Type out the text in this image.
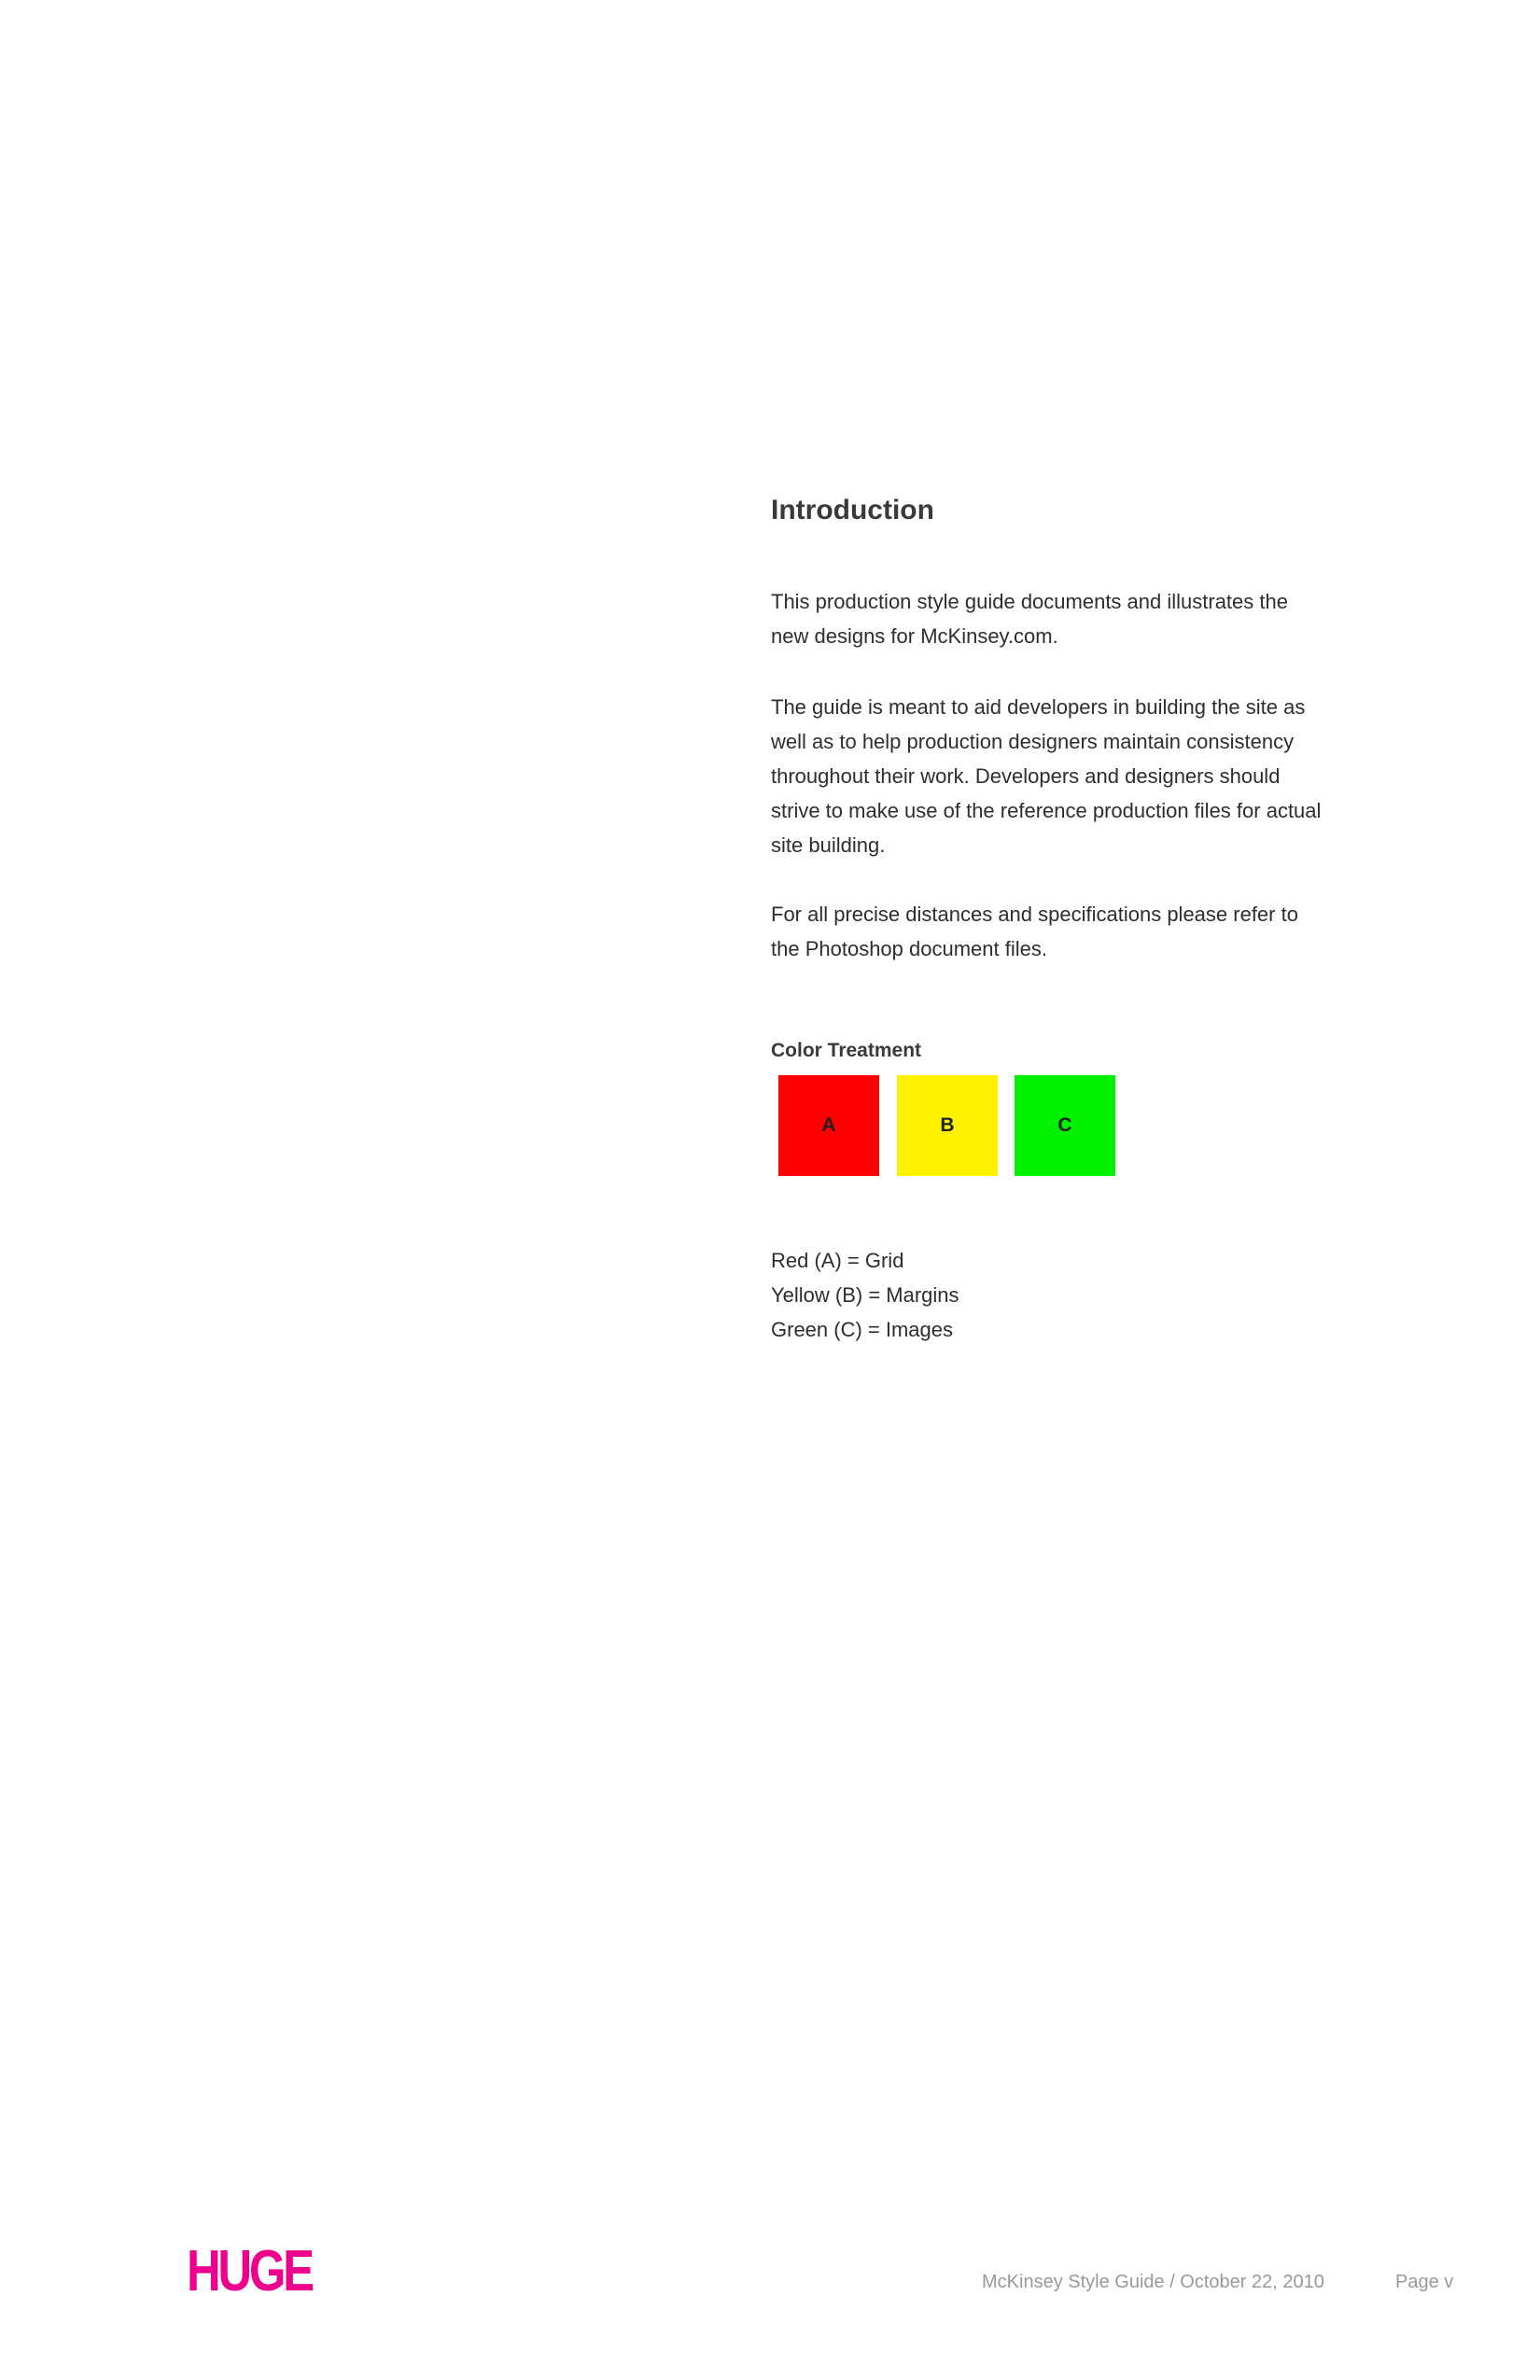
Introduction

This production style guide documents and illustrates the new designs for McKinsey.com.

The guide is meant to aid developers in building the site as well as to help production designers maintain consistency throughout their work. Developers and designers should strive to make use of the reference production files for actual site building.

For all precise distances and specifications please refer to the Photoshop document files.

Color Treatment
A	B	C
Red (A) = Grid
Yellow (B) = Margins
Green (C) = Images
HUGE	McKinsey Style Guide / October 22, 2010	Page v
